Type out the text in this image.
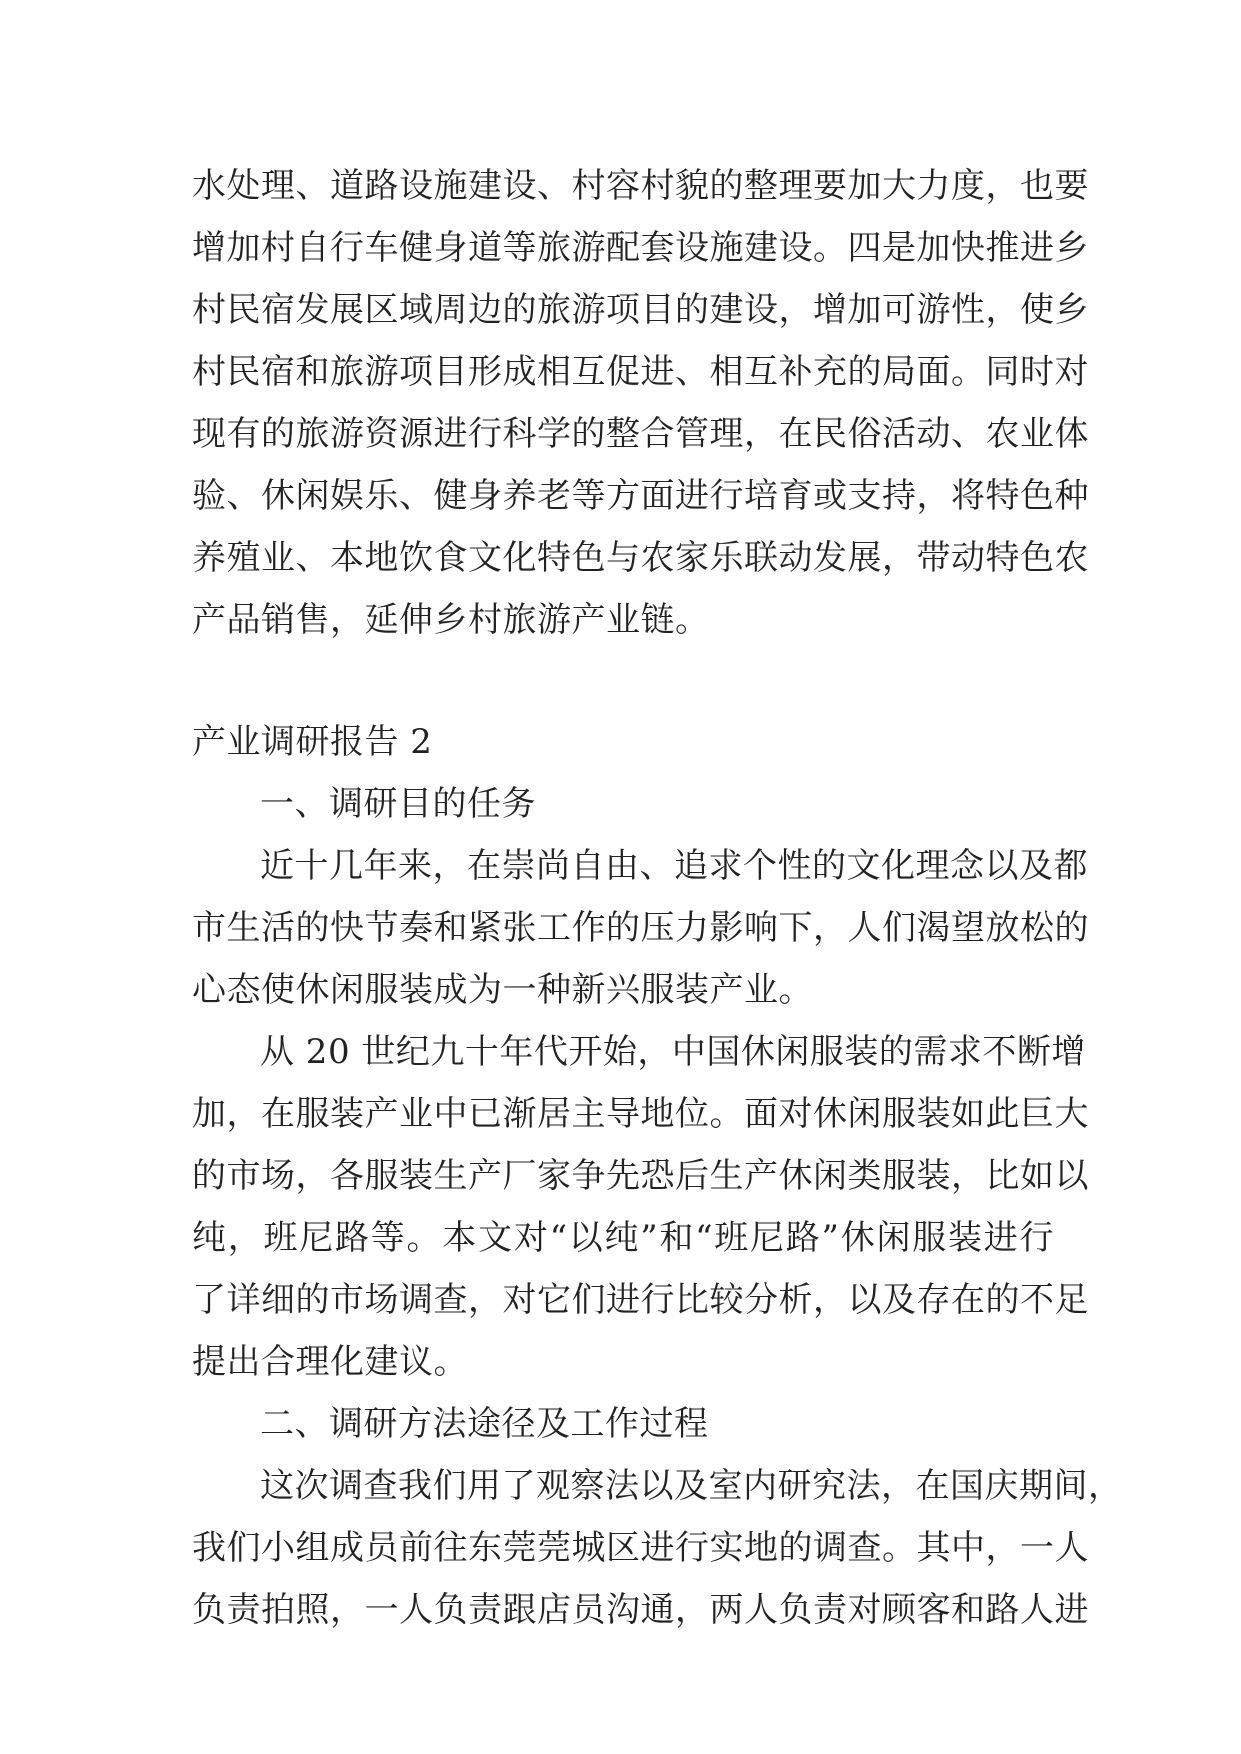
水处理、道路设施建设、村容村貌的整理要加大力度，也要
增加村自行车健身道等旅游配套设施建设。四是加快推进乡
村民宿发展区域周边的旅游项目的建设，增加可游性，使乡
村民宿和旅游项目形成相互促进、相互补充的局面。同时对
现有的旅游资源进行科学的整合管理，在民俗活动、农业体
验、休闲娱乐、健身养老等方面进行培育或支持，将特色种
养殖业、本地饮食文化特色与农家乐联动发展，带动特色农
产品销售，延伸乡村旅游产业链。
产业调研报告 2
一、调研目的任务
近十几年来，在崇尚自由、追求个性的文化理念以及都
市生活的快节奏和紧张工作的压力影响下，人们渴望放松的
心态使休闲服装成为一种新兴服装产业。
从 20 世纪九十年代开始，中国休闲服装的需求不断增
加，在服装产业中已渐居主导地位。面对休闲服装如此巨大
的市场，各服装生产厂家争先恐后生产休闲类服装，比如以
纯，班尼路等。本文对“以纯”和“班尼路”休闲服装进行
了详细的市场调查，对它们进行比较分析，以及存在的不足
提出合理化建议。
二、调研方法途径及工作过程
这次调查我们用了观察法以及室内研究法，在国庆期间，
我们小组成员前往东莞莞城区进行实地的调查。其中，一人
负责拍照，一人负责跟店员沟通，两人负责对顾客和路人进
